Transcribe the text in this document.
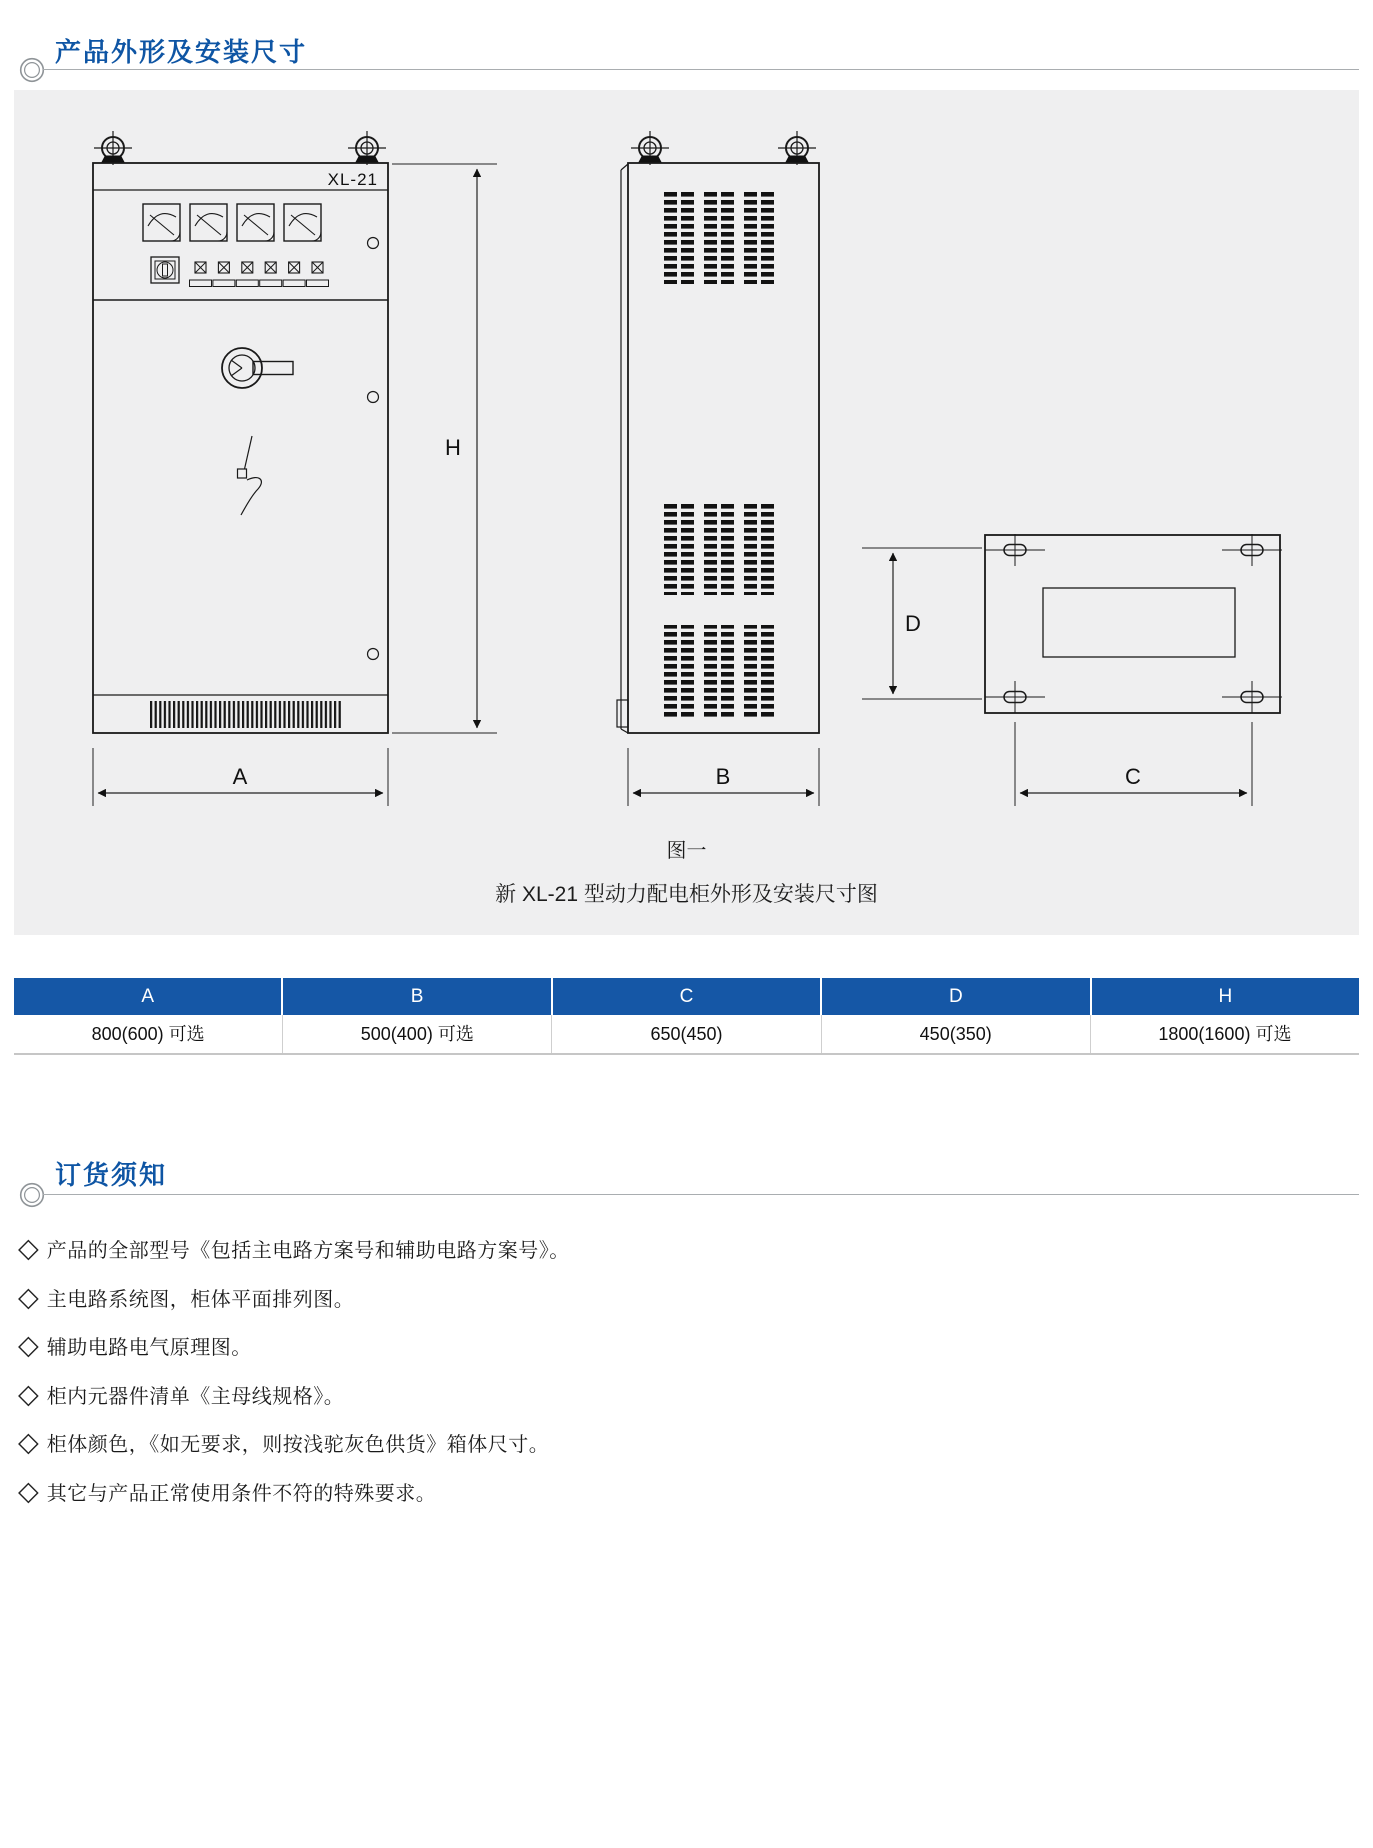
产品外形及安装尺寸
XL-21
A
H
B
D
C
图一
新 XL-21 型动力配电柜外形及安装尺寸图
A	B	C	D	H
800(600) 可选	500(400) 可选	650(450)	450(350)	1800(1600) 可选
订货须知
◇ 产品的全部型号《包括主电路方案号和辅助电路方案号》。
◇ 主电路系统图，柜体平面排列图。
◇ 辅助电路电气原理图。
◇ 柜内元器件清单《主母线规格》。
◇ 柜体颜色，《如无要求，则按浅驼灰色供货》箱体尺寸。
◇ 其它与产品正常使用条件不符的特殊要求。
